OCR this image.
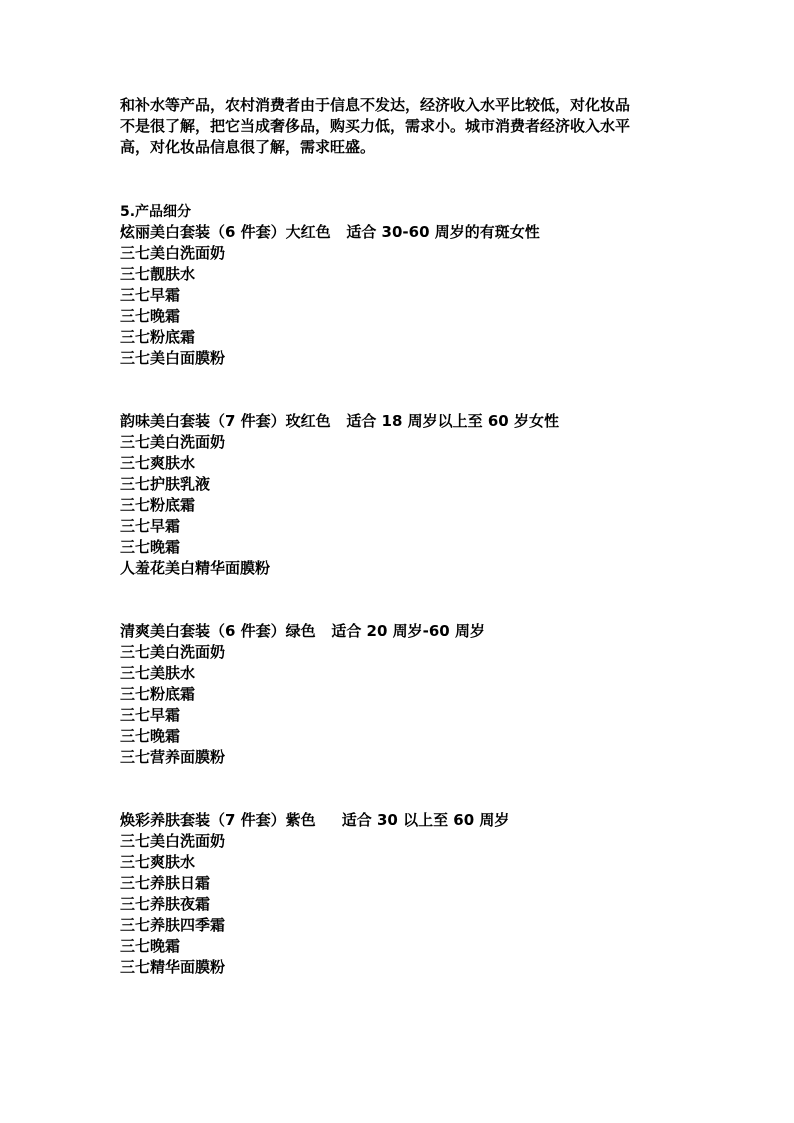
和补水等产品，农村消费者由于信息不发达，经济收入水平比较低，对化妆品

不是很了解，把它当成奢侈品，购买力低，需求小。城市消费者经济收入水平

高，对化妆品信息很了解，需求旺盛。

5.产品细分

炫丽美白套装（6 件套）大红色   适合 30-60 周岁的有斑女性

三七美白洗面奶

三七靓肤水

三七早霜

三七晚霜

三七粉底霜

三七美白面膜粉

韵味美白套装（7 件套）玫红色   适合 18 周岁以上至 60 岁女性

三七美白洗面奶

三七爽肤水

三七护肤乳液

三七粉底霜

三七早霜

三七晚霜

人羞花美白精华面膜粉

清爽美白套装（6 件套）绿色   适合 20 周岁-60 周岁

三七美白洗面奶

三七美肤水

三七粉底霜

三七早霜

三七晚霜

三七营养面膜粉

焕彩养肤套装（7 件套）紫色     适合 30 以上至 60 周岁

三七美白洗面奶

三七爽肤水

三七养肤日霜

三七养肤夜霜

三七养肤四季霜

三七晚霜

三七精华面膜粉
